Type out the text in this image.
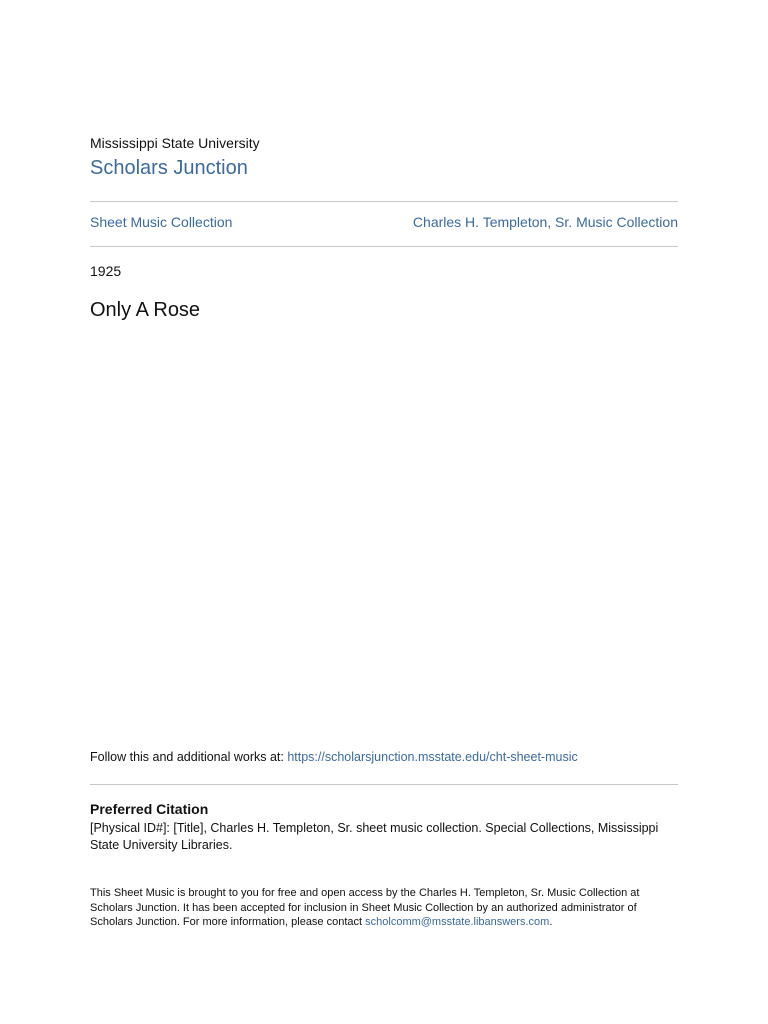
Mississippi State University
Scholars Junction
Sheet Music Collection	Charles H. Templeton, Sr. Music Collection
1925
Only A Rose
Follow this and additional works at: https://scholarsjunction.msstate.edu/cht-sheet-music
Preferred Citation
[Physical ID#]: [Title], Charles H. Templeton, Sr. sheet music collection. Special Collections, Mississippi State University Libraries.
This Sheet Music is brought to you for free and open access by the Charles H. Templeton, Sr. Music Collection at Scholars Junction. It has been accepted for inclusion in Sheet Music Collection by an authorized administrator of Scholars Junction. For more information, please contact scholcomm@msstate.libanswers.com.
